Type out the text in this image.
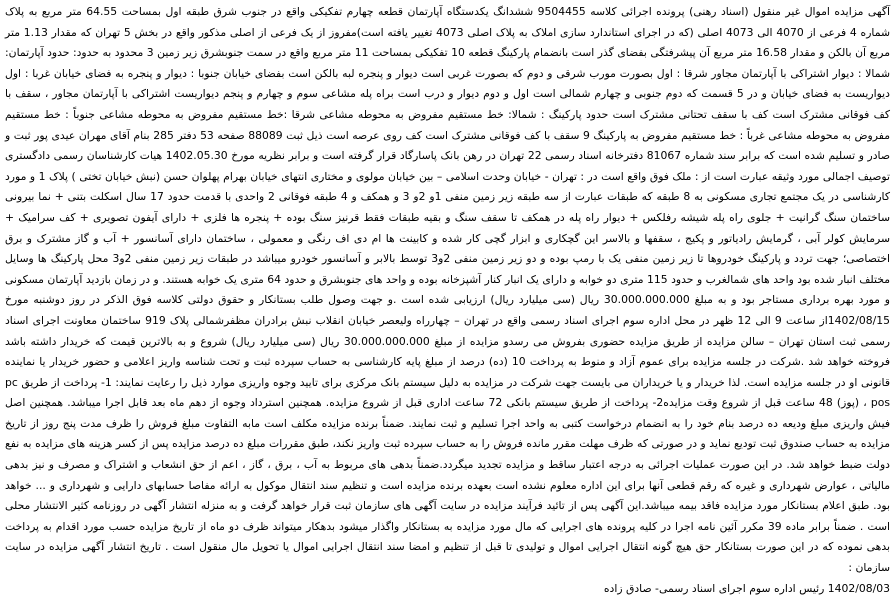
آگهی مزایده اموال غیر منقول (اسناد رهنی) پرونده اجرائی کلاسه 9504455 ششدانگ یکدستگاه آپارتمان قطعه چهارم تفکیکی واقع در جنوب شرق طبقه اول بمساحت 64.55 متر مربع به پلاک شماره 4 فرعی از 4070 الی 4073 اصلی (که در اجرای استاندارد سازی املاک به پلاک اصلی 4073 تغییر یافته است)مفروز از یک فرعی از اصلی مذکور واقع در بخش 5 تهران که مقدار 1.13 متر مربع آن بالکن و مقدار 16.58 متر مربع آن پیشرفتگی بفضای گذر است بانضمام پارکینگ قطعه 10 تفکیکی بمساحت 11 متر مربع واقع در سمت جنوبشرق زیر زمین 3 محدود به حدود: حدود آپارتمان: شمالا : دیوار اشتراکی با آپارتمان مجاور شرقا : اول بصورت مورب شرقی و دوم که بصورت غربی است دیوار و پنجره لبه بالکن است بفضای خیابان جنوبا : دیوار و پنجره به فضای خیابان غربا : اول دیواریست به فضای خیابان و در 5 قسمت که دوم جنوبی و چهارم شمالی است اول و دوم دیوار و درب است براه پله مشاعی سوم و چهارم و پنجم دیواریست اشتراکی با آپارتمان مجاور ، سقف با کف فوقانی مشترک است کف با سقف تحتانی مشترک است حدود پارکینگ : شمالا: خط مستقیم مفروض به محوطه مشاعی شرقا :خط مستقیم مفروض به محوطه مشاعی جنوباً : خط مستقیم مفروض به محوطه مشاعی غرباً : خط مستقیم مفروض به پارکینگ 9 سقف با کف فوقانی مشترک است کف روی عرصه است ذیل ثبت 88089 صفحه 53 دفتر 285 بنام آقای مهران عیدی پور ثبت و صادر و تسلیم شده است که برابر سند شماره 81067 دفترخانه اسناد رسمی 22 تهران در رهن بانک پاسارگاد قرار گرفته است و برابر نظریه مورخ 1402.05.30 هیات کارشناسان رسمی دادگستری توصیف اجمالی مورد وثیقه عبارت است از : ملک فوق واقع است در : تهران - خیابان وحدت اسلامی – بین خیابان مولوی و مختاری انتهای خیابان بهرام پهلوان حسن (نبش خیابان تختی ) پلاک 1 و مورد کارشناسی در یک مجتمع تجاری مسکونی به 8 طبقه که طبقات عبارت از سه طبقه زیر زمین منفی 1و 2و 3 و همکف و 4 طبقه فوقانی 2 واحدی با قدمت حدود 17 سال اسکلت بتنی + نما بیرونی ساختمان سنگ گرانیت + جلوی راه پله شیشه رفلکس + دیوار راه پله در همکف تا سقف سنگ و بقیه طبقات فقط قرنیز سنگ بوده + پنجره ها فلزی + دارای آیفون تصویری + کف سرامیک + سرمایش کولر آبی ، گرمایش رادیاتور و پکیج ، سقفها و بالاسر این گچکاری و ابزار گچی کار شده و کابینت ها ام دی اف رنگی و معمولی ، ساختمان دارای آسانسور + آب و گاز مشترک و برق اختصاصی؛ جهت تردد و پارکینگ خودروها تا زیر زمین منفی یک با رمپ بوده و دو زیر زمین منفی 2و3 توسط بالابر و آسانسور خودرو میباشد در طبقات زیر زمین منفی 2و3 محل پارکینگ ها وسایل مختلف انبار شده بود واحد های شمالغرب و حدود 115 متری دو خوابه و دارای یک انبار کنار آشپزخانه بوده و واحد های جنوبشرق و حدود 64 متری یک خوابه هستند. و در زمان بازدید آپارتمان مسکونی و مورد بهره برداری مستاجر بود و به مبلغ 30.000.000.000 ریال (سی میلیارد ریال) ارزیابی شده است .و جهت وصول طلب بستانکار و حقوق دولتی کلاسه فوق الذکر در روز دوشنبه مورخ 1402/08/15از ساعت 9 الی 12 ظهر در محل اداره سوم اجرای اسناد رسمی واقع در تهران – چهارراه ولیعصر خیابان انقلاب نبش برادران مظفرشمالی پلاک 919 ساختمان معاونت اجرای اسناد رسمی ثبت استان تهران – سالن مزایده از طریق مزایده حضوری بفروش می رسدو مزایده از مبلغ 30.000.000.000 ریال (سی میلیارد ریال) شروع و به بالاترین قیمت که خریدار داشته باشد فروخته خواهد شد .شرکت در جلسه مزایده برای عموم آزاد و منوط به پرداخت 10 (ده) درصد از مبلغ پایه کارشناسی به حساب سپرده ثبت و تحت شناسه واریز اعلامی و حضور خریدار یا نماینده قانونی او در جلسه مزایده است. لذا خریدار و یا خریداران می بایست جهت شرکت در مزایده به دلیل سیستم بانک مرکزی برای تایید وجوه واریزی موارد ذیل را رعایت نمایند: 1- پرداخت از طریق pc pos ، (پوز) 48 ساعت قبل از شروع وقت مزایده2- پرداخت از طریق سیستم بانکی 72 ساعت اداری قبل از شروع مزایده. همچنین استرداد وجوه از دهم ماه بعد قابل اجرا میباشد. همچنین اصل فیش واریزی مبلغ ودیعه ده درصد بنام خود را به انضمام درخواست کتبی به واحد اجرا تسلیم و ثبت نمایند. ضمناً برنده مزایده مکلف است مابه التفاوت مبلغ فروش را ظرف مدت پنج روز از تاریخ مزایده به حساب صندوق ثبت تودیع نماید و در صورتی که ظرف مهلت مقرر مانده فروش را به حساب سپرده ثبت واریز نکند، طبق مقررات مبلغ ده درصد مزایده پس از کسر هزینه های مزایده به نفع دولت ضبط خواهد شد. در این صورت عملیات اجرائی به درجه اعتبار ساقط و مزایده تجدید میگردد.ضمناً بدهی های مربوط به آب ، برق ، گاز ، اعم از حق انشعاب و اشتراک و مصرف و نیز بدهی مالیاتی ، عوارض شهرداری و غیره که رقم قطعی آنها برای این اداره معلوم نشده است بعهده برنده مزایده است و تنظیم سند انتقال موکول به ارائه مفاصا حسابهای دارایی و شهرداری و ... خواهد بود. طبق اعلام بستانکار مورد مزایده فاقد بیمه میباشد.این آگهی پس از تائید فرآیند مزایده در سایت آگهی های سازمان ثبت قرار خواهد گرفت و به منزله انتشار آگهی در روزنامه کثیر الانتشار محلی است . ضمناً برابر ماده 39 مکرر آئین نامه اجرا در کلیه پرونده های اجرایی که مال مورد مزایده به بستانکار واگذار میشود بدهکار میتواند ظرف دو ماه از تاریخ مزایده حسب مورد اقدام به پرداخت بدهی نموده که در این صورت بستانکار حق هیچ گونه انتقال اجرایی اموال و تولیدی تا قبل از تنظیم و امضا سند انتقال اجرایی اموال یا تحویل مال منقول است . تاریخ انتشار آگهی مزایده در سایت سازمان :

1402/08/03 رئیس اداره سوم اجرای اسناد رسمی- صادق زاده
